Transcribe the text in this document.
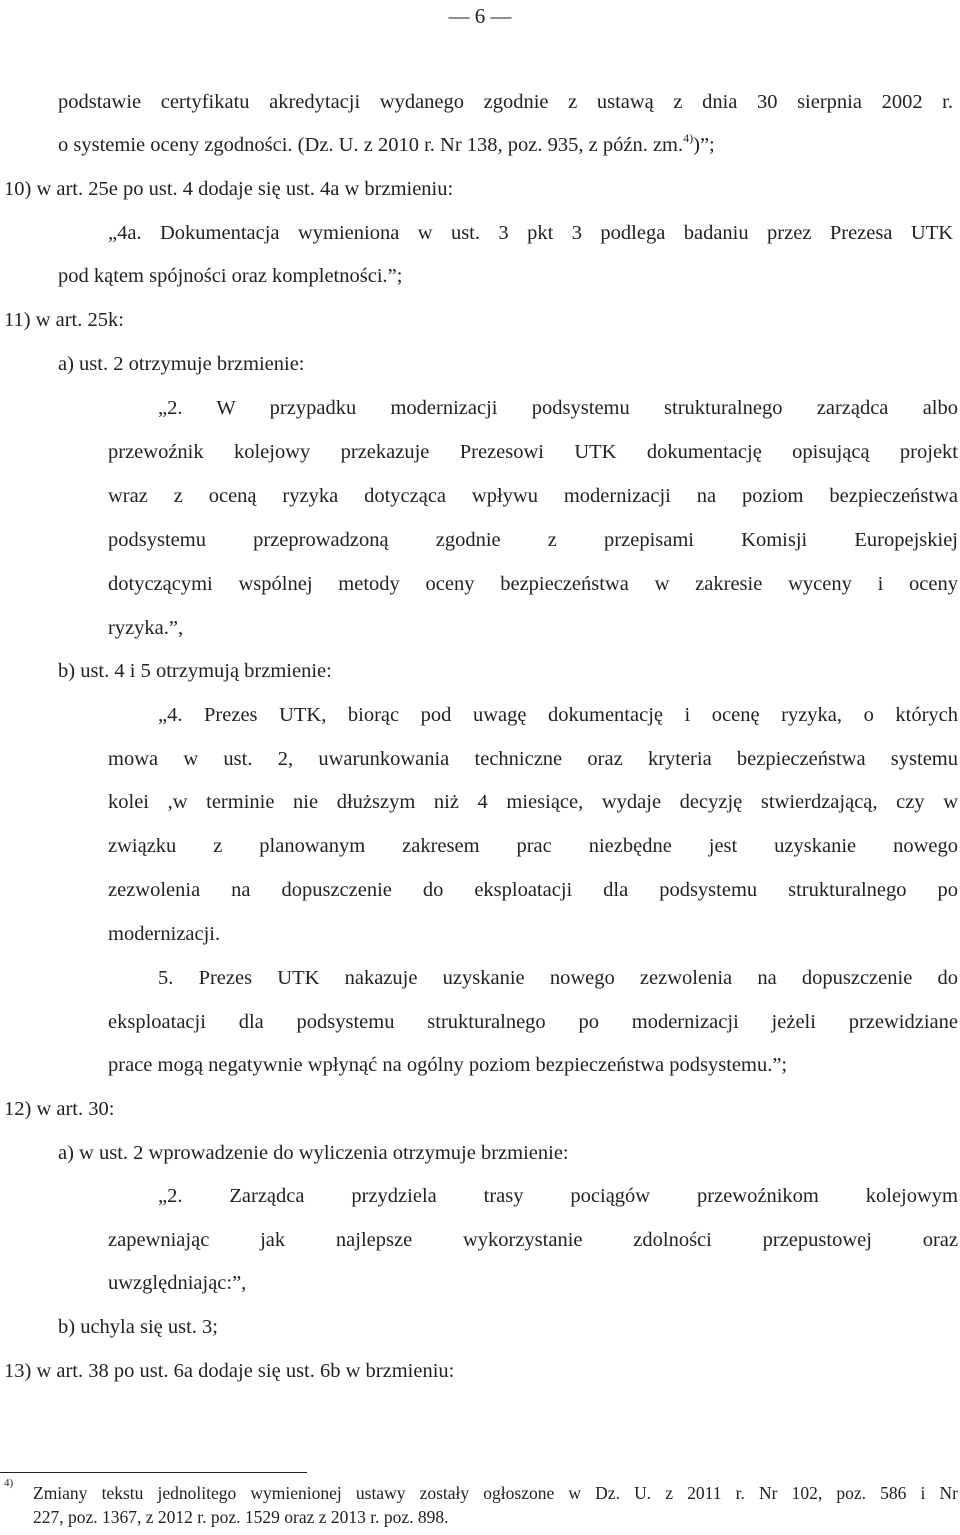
— 6 —
podstawie certyfikatu akredytacji wydanego zgodnie z ustawą z dnia 30 sierpnia 2002 r.
o systemie oceny zgodności. (Dz. U. z 2010 r. Nr 138, poz. 935, z późn. zm.$^{4)}$)”;
10) w art. 25e po ust. 4 dodaje się ust. 4a w brzmieniu:
„4a. Dokumentacja wymieniona w ust. 3 pkt 3 podlega badaniu przez Prezesa UTK
pod kątem spójności oraz kompletności.”;
11) w art. 25k:
a) ust. 2 otrzymuje brzmienie:
„2. W przypadku modernizacji podsystemu strukturalnego zarządca albo
przewoźnik kolejowy przekazuje Prezesowi UTK dokumentację opisującą projekt
wraz z oceną ryzyka dotycząca wpływu modernizacji na poziom bezpieczeństwa
podsystemu przeprowadzoną zgodnie z przepisami Komisji Europejskiej
dotyczącymi wspólnej metody oceny bezpieczeństwa w zakresie wyceny i oceny
ryzyka.”,
b) ust. 4 i 5 otrzymują brzmienie:
„4. Prezes UTK, biorąc pod uwagę dokumentację i ocenę ryzyka, o których
mowa w ust. 2, uwarunkowania techniczne oraz kryteria bezpieczeństwa systemu
kolei ,w terminie nie dłuższym niż 4 miesiące, wydaje decyzję stwierdzającą, czy w
związku z planowanym zakresem prac niezbędne jest uzyskanie nowego
zezwolenia na dopuszczenie do eksploatacji dla podsystemu strukturalnego po
modernizacji.
5. Prezes UTK nakazuje uzyskanie nowego zezwolenia na dopuszczenie do
eksploatacji dla podsystemu strukturalnego po modernizacji jeżeli przewidziane
prace mogą negatywnie wpłynąć na ogólny poziom bezpieczeństwa podsystemu.”;
12) w art. 30:
a) w ust. 2 wprowadzenie do wyliczenia otrzymuje brzmienie:
„2. Zarządca przydziela trasy pociągów przewoźnikom kolejowym
zapewniając jak najlepsze wykorzystanie zdolności przepustowej oraz
uwzględniając:”,
b) uchyla się ust. 3;
13) w art. 38 po ust. 6a dodaje się ust. 6b w brzmieniu:
4) Zmiany tekstu jednolitego wymienionej ustawy zostały ogłoszone w Dz. U. z 2011 r. Nr 102, poz. 586 i Nr
227, poz. 1367, z 2012 r. poz. 1529 oraz z 2013 r. poz. 898.
